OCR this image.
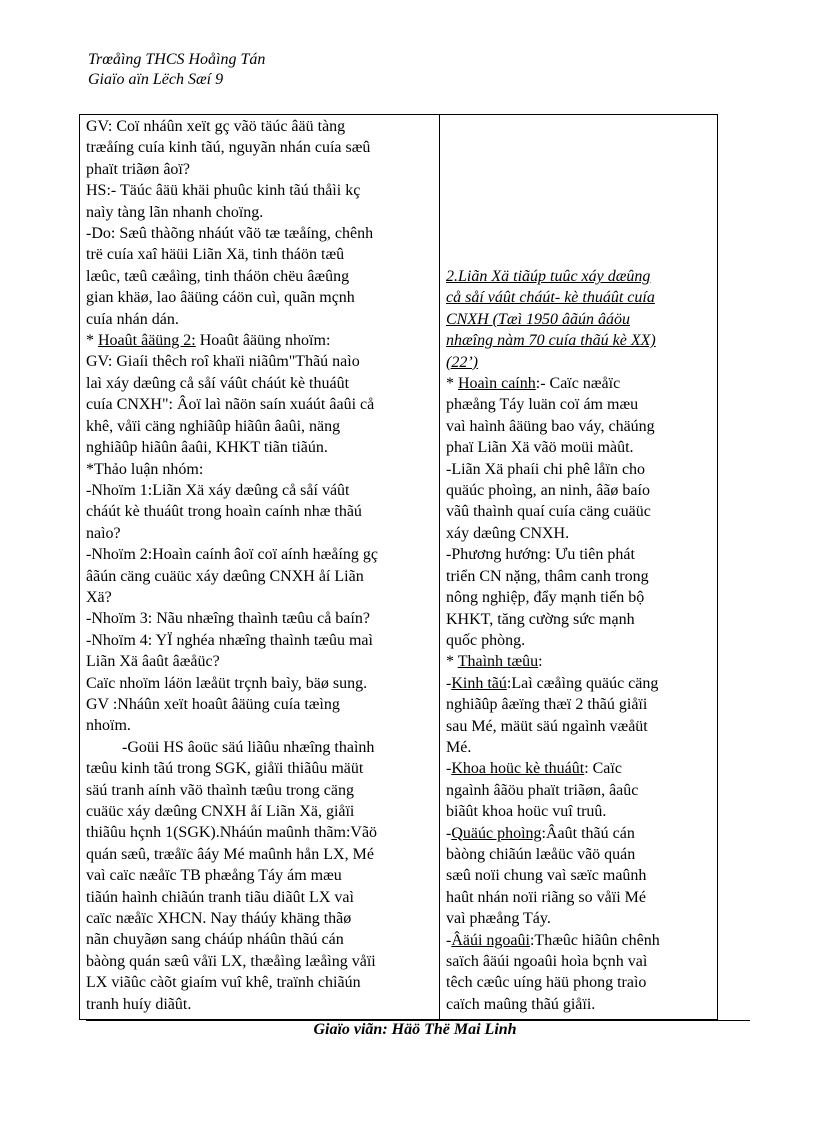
Trœåìng THCS Hoåìng Tán
Giaïo aïn Lëch Sæí 9
GV: Coï nháûn xeït gç vãö täúc âäü tàng
træåíng cuía kinh tãú, nguyãn nhán cuía sæû
phaït triãøn âoï?
HS:- Täúc âäü khäi phuûc kinh tãú thåìi kç
naìy tàng lãn nhanh choïng.
-Do: Sæû thàõng nháút vãö tæ tæåíng, chênh
trë cuía xaî häüi Liãn Xä, tinh tháön tæû
læûc, tæû cæåìng, tinh tháön chëu âæûng
gian khäø, lao âäüng cáön cuì, quãn mçnh
cuía nhán dán.
* Hoaût âäüng 2: Hoaût âäüng nhoïm:
GV: Giaíi thêch roî khaïi niãûm"Thãú naìo
laì xáy dæûng cå såí váût cháút kè thuáût
cuía CNXH": Âoï laì nãön saín xuáút âaûi cå
khê, våïi cäng nghiãûp hiãûn âaûi, näng
nghiãûp hiãûn âaûi, KHKT tiãn tiãún.
*Thảo luận nhóm:
-Nhoïm 1:Liãn Xä xáy dæûng cå såí váût
cháút kè thuáût trong hoaìn caính nhæ thãú
naìo?
-Nhoïm 2:Hoaìn caính âoï coï aính hæåíng gç
âãún cäng cuäüc xáy dæûng CNXH åí Liãn
Xä?
-Nhoïm 3: Nãu nhæîng thaình tæûu cå baín?
-Nhoïm 4: YÏ nghéa nhæîng thaình tæûu maì
Liãn Xä âaût âæåüc?
Caïc nhoïm láön læåüt trçnh baìy, bäø sung.
GV :Nháûn xeït hoaût âäüng cuía tæìng
nhoïm.
-Goüi HS âoüc säú liãûu nhæîng thaình
tæûu kinh tãú trong SGK, giåïi thiãûu mäüt
säú tranh aính vãö thaình tæûu trong cäng
cuäüc xáy dæûng CNXH åí Liãn Xä, giåïi
thiãûu hçnh 1(SGK).Nháún maûnh thãm:Vãö
quán sæû, træåïc âáy Mé maûnh hån LX, Mé
vaì caïc næåïc TB phæång Táy ám mæu
tiãún haình chiãún tranh tiãu diãût LX vaì
caïc næåïc XHCN. Nay tháúy khäng thãø
nãn chuyãøn sang cháúp nháûn thãú cán
bàòng quán sæû våïi LX, thæåìng læåìng våïi
LX viãûc càõt giaím vuî khê, traïnh chiãún
tranh huíy diãût.

2.Liãn Xä tiãúp tuûc xáy dæûng
cå såí váût cháút- kè thuáût cuía
CNXH (Tæì 1950 âãún âáöu
nhæîng nàm 70 cuía thãú kè XX)
(22’)
* Hoaìn caính:- Caïc næåïc
phæång Táy luän coï ám mæu
vaì haình âäüng bao váy, chäúng
phaï Liãn Xä vãö moüi màût.
-Liãn Xä phaíi chi phê låïn cho
quäúc phoìng, an ninh, âãø baío
vãû thaình quaí cuía cäng cuäüc
xáy dæûng CNXH.
-Phương hướng: Ưu tiên phát
triển CN nặng, thâm canh trong
nông nghiệp, đẩy mạnh tiến bộ
KHKT, tăng cường sức mạnh
quốc phòng.
* Thaình tæûu:
-Kinh tãú:Laì cæåìng quäúc cäng
nghiãûp âæïng thæï 2 thãú giåïi
sau Mé, mäüt säú ngaình væåüt
Mé.
-Khoa hoüc kè thuáût: Caïc
ngaình âãöu phaït triãøn, âaûc
biãût khoa hoüc vuî truû.
-Quäúc phoìng:Âaût thãú cán
bàòng chiãún læåüc vãö quán
sæû noïi chung vaì sæïc maûnh
haût nhán noïi riãng so våïi Mé
vaì phæång Táy.
-Âäúi ngoaûi:Thæûc hiãûn chênh
saïch âäúi ngoaûi hoìa bçnh vaì
têch cæûc uíng häü phong traìo
caïch maûng thãú giåïi.
Giaïo viãn: Häö Thë Mai Linh
